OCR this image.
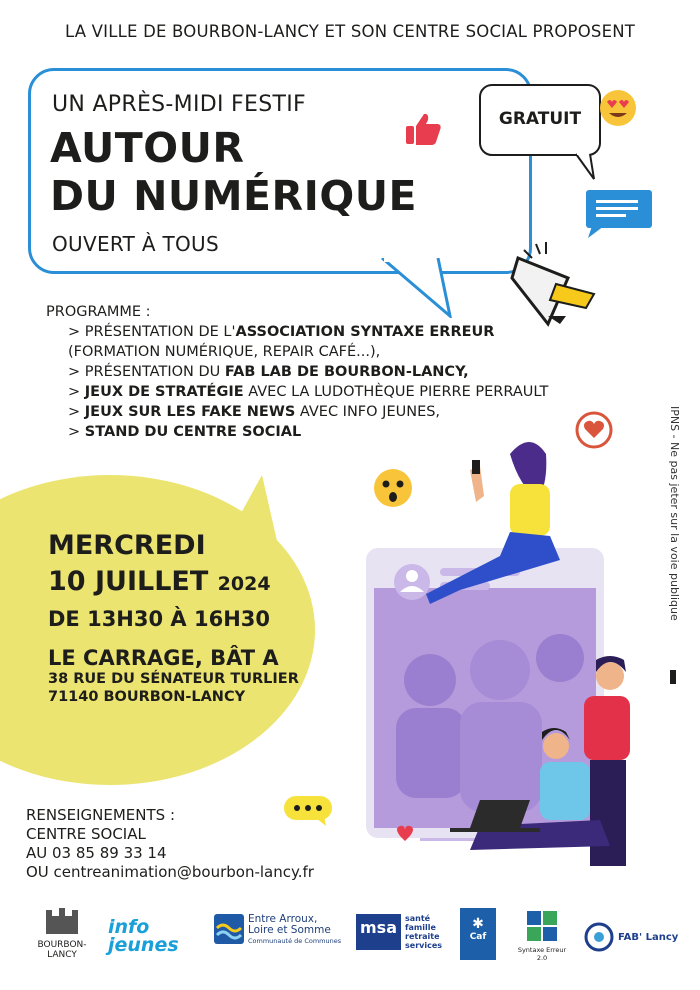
LA VILLE DE BOURBON-LANCY ET SON CENTRE SOCIAL PROPOSENT
UN APRÈS-MIDI FESTIF
AUTOUR
DU NUMÉRIQUE
OUVERT À TOUS
GRATUIT
PROGRAMME :
> PRÉSENTATION DE L'ASSOCIATION SYNTAXE ERREUR
(FORMATION NUMÉRIQUE, REPAIR CAFÉ...),
> PRÉSENTATION DU FAB LAB DE BOURBON-LANCY,
> JEUX DE STRATÉGIE AVEC LA LUDOTHÈQUE PIERRE PERRAULT
> JEUX SUR LES FAKE NEWS AVEC INFO JEUNES,
> STAND DU CENTRE SOCIAL
MERCREDI
10 JUILLET 2024
DE 13H30 À 16H30
LE CARRAGE, BÂT A
38 RUE DU SÉNATEUR TURLIER
71140 BOURBON-LANCY
RENSEIGNEMENTS :
CENTRE SOCIAL
AU 03 85 89 33 14
OU centreanimation@bourbon-lancy.fr
IPNS - Ne pas jeter sur la voie publique
BOURBON-LANCY
info jeunes
Entre Arroux,
Loire et Somme
Communauté de Communes
msa	santé
famille
retraite
services
✱
Caf
Syntaxe Erreur 2.0
FAB' Lancy
